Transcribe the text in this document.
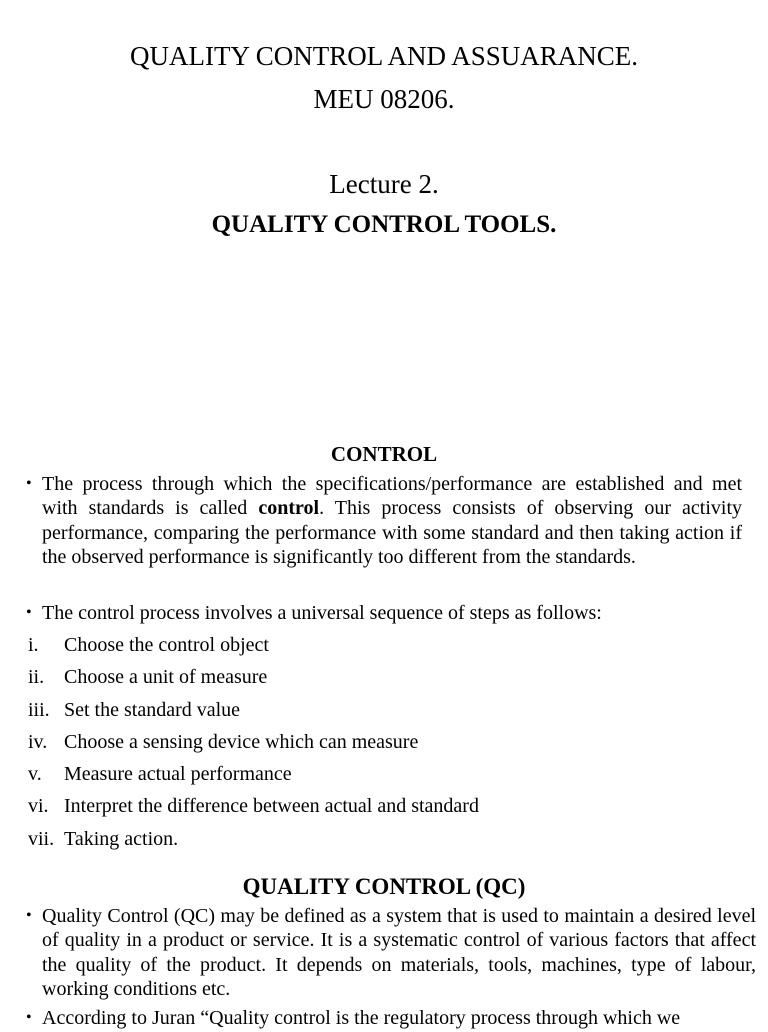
QUALITY CONTROL AND ASSUARANCE.
MEU 08206.
Lecture 2.
QUALITY CONTROL TOOLS.
CONTROL
• The process through which the specifications/performance are established and met with standards is called control. This process consists of observing our activity performance, comparing the performance with some standard and then taking action if the observed performance is significantly too different from the standards.
• The control process involves a universal sequence of steps as follows:
i.	Choose the control object
ii. Choose a unit of measure
iii. Set the standard value
iv. Choose a sensing device which can measure
v.	Measure actual performance
vi. Interpret the difference between actual and standard
vii. Taking action.
QUALITY CONTROL (QC)
• Quality Control (QC) may be defined as a system that is used to maintain a desired level of quality in a product or service. It is a systematic control of various factors that affect the quality of the product. It depends on materials, tools, machines, type of labour, working conditions etc.
• According to Juran “Quality control is the regulatory process through which we
